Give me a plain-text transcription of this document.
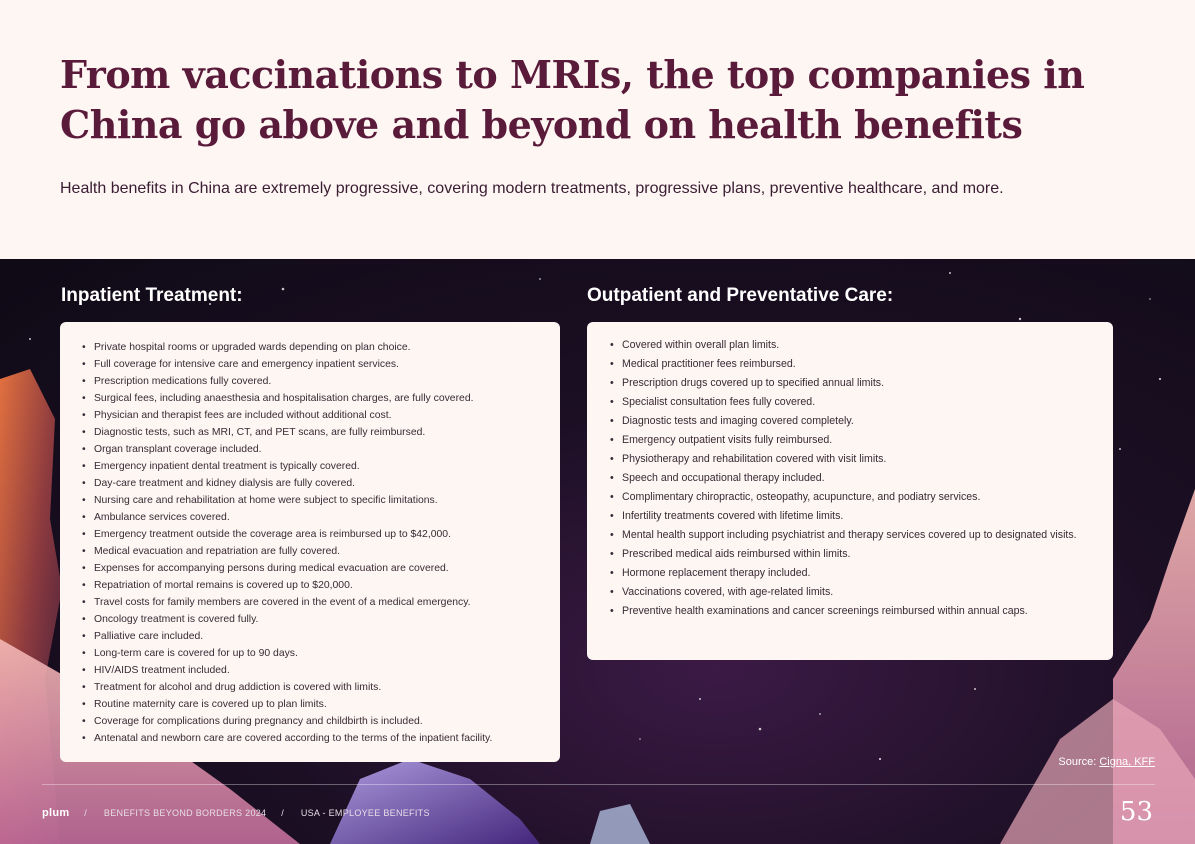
From vaccinations to MRIs, the top companies in China go above and beyond on health benefits

Health benefits in China are extremely progressive, covering modern treatments, progressive plans, preventive healthcare, and more.

Inpatient Treatment:	Outpatient and Preventative Care:
• Private hospital rooms or upgraded wards depending on plan choice.
• Full coverage for intensive care and emergency inpatient services.
• Prescription medications fully covered.
• Surgical fees, including anaesthesia and hospitalisation charges, are fully covered.
• Physician and therapist fees are included without additional cost.
• Diagnostic tests, such as MRI, CT, and PET scans, are fully reimbursed.
• Organ transplant coverage included.
• Emergency inpatient dental treatment is typically covered.
• Day-care treatment and kidney dialysis are fully covered.
• Nursing care and rehabilitation at home were subject to specific limitations.
• Ambulance services covered.
• Emergency treatment outside the coverage area is reimbursed up to $42,000.
• Medical evacuation and repatriation are fully covered.
• Expenses for accompanying persons during medical evacuation are covered.
• Repatriation of mortal remains is covered up to $20,000.
• Travel costs for family members are covered in the event of a medical emergency.
• Oncology treatment is covered fully.
• Palliative care included.
• Long-term care is covered for up to 90 days.
• HIV/AIDS treatment included.
• Treatment for alcohol and drug addiction is covered with limits.
• Routine maternity care is covered up to plan limits.
• Coverage for complications during pregnancy and childbirth is included.
• Antenatal and newborn care are covered according to the terms of the inpatient facility.
• Covered within overall plan limits.
• Medical practitioner fees reimbursed.
• Prescription drugs covered up to specified annual limits.
• Specialist consultation fees fully covered.
• Diagnostic tests and imaging covered completely.
• Emergency outpatient visits fully reimbursed.
• Physiotherapy and rehabilitation covered with visit limits.
• Speech and occupational therapy included.
• Complimentary chiropractic, osteopathy, acupuncture, and podiatry services.
• Infertility treatments covered with lifetime limits.
• Mental health support including psychiatrist and therapy services covered up to designated visits.
• Prescribed medical aids reimbursed within limits.
• Hormone replacement therapy included.
• Vaccinations covered, with age-related limits.
• Preventive health examinations and cancer screenings reimbursed within annual caps.
Source: Cigna, KFF
plum / BENEFITS BEYOND BORDERS 2024 / USA - EMPLOYEE BENEFITS	53
